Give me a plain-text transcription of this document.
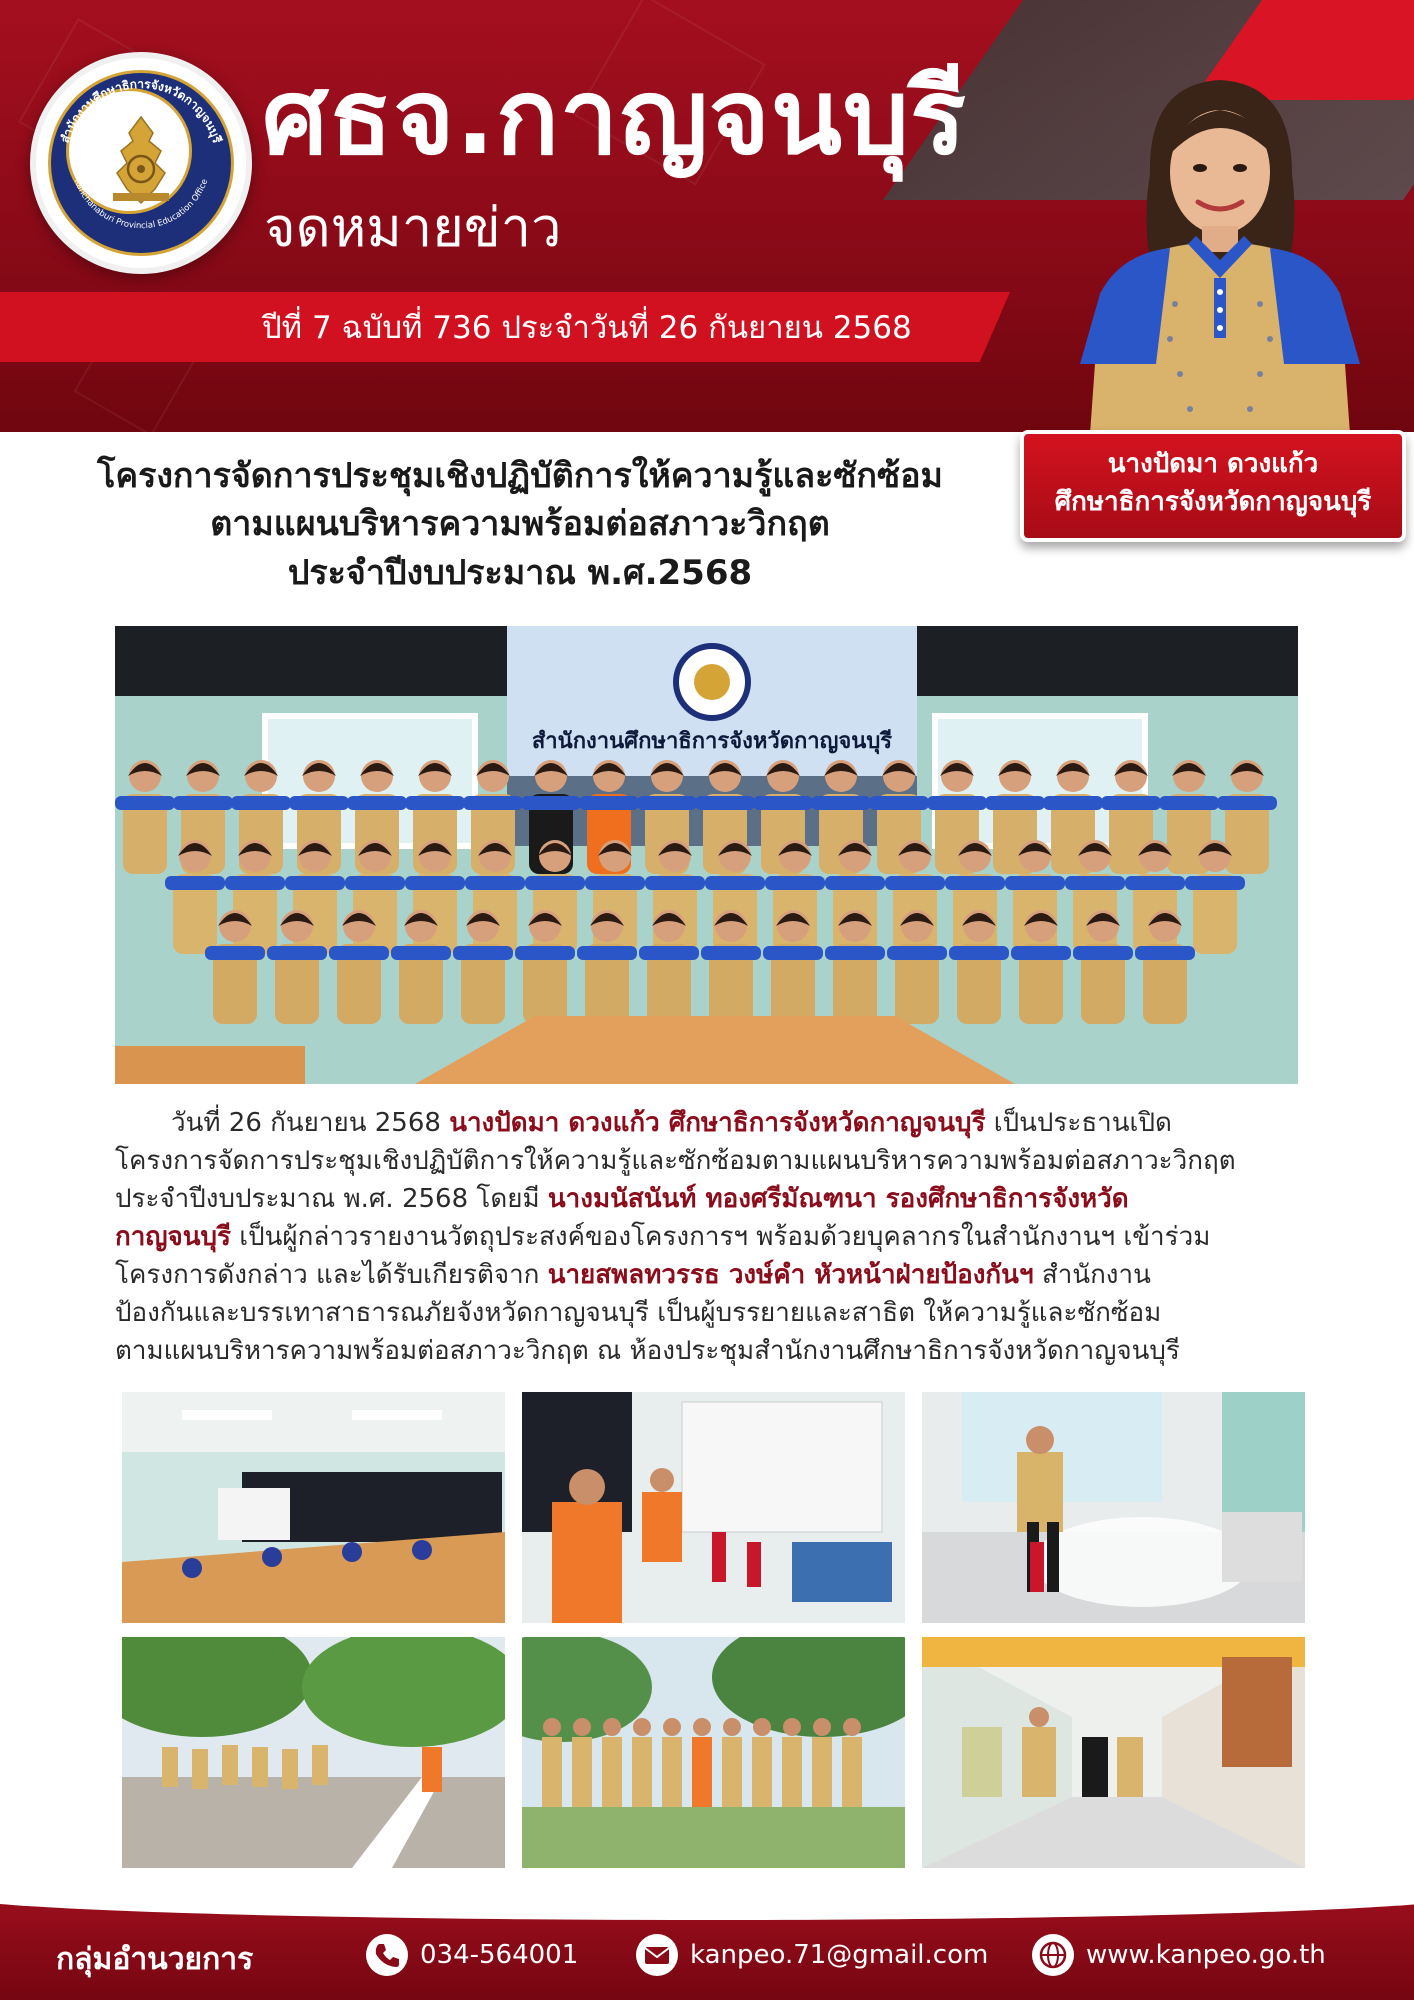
สำนักงานศึกษาธิการจังหวัดกาญจนบุรี
Kanchanaburi Provincial Education Office
ศธจ.กาญจนบุรี
จดหมายข่าว
ปีที่ 7 ฉบับที่ 736 ประจำวันที่ 26 กันยายน 2568
นางปัดมา ดวงแก้ว
ศึกษาธิการจังหวัดกาญจนบุรี
โครงการจัดการประชุมเชิงปฏิบัติการให้ความรู้และซักซ้อม
ตามแผนบริหารความพร้อมต่อสภาวะวิกฤต
ประจำปีงบประมาณ พ.ศ.2568
สำนักงานศึกษาธิการจังหวัดกาญจนบุรี
วันที่ 26 กันยายน 2568 นางปัดมา ดวงแก้ว ศึกษาธิการจังหวัดกาญจนบุรี เป็นประธานเปิด
โครงการจัดการประชุมเชิงปฏิบัติการให้ความรู้และซักซ้อมตามแผนบริหารความพร้อมต่อสภาวะวิกฤต
ประจำปีงบประมาณ พ.ศ. 2568 โดยมี นางมนัสนันท์ ทองศรีมัณฑนา รองศึกษาธิการจังหวัด
กาญจนบุรี เป็นผู้กล่าวรายงานวัตถุประสงค์ของโครงการฯ พร้อมด้วยบุคลากรในสำนักงานฯ เข้าร่วม
โครงการดังกล่าว และได้รับเกียรติจาก นายสพลทวรรธ วงษ์คำ หัวหน้าฝ่ายป้องกันฯ สำนักงาน
ป้องกันและบรรเทาสาธารณภัยจังหวัดกาญจนบุรี เป็นผู้บรรยายและสาธิต ให้ความรู้และซักซ้อม
ตามแผนบริหารความพร้อมต่อสภาวะวิกฤต ณ ห้องประชุมสำนักงานศึกษาธิการจังหวัดกาญจนบุรี
กลุ่มอำนวยการ	034-564001	kanpeo.71@gmail.com	www.kanpeo.go.th
